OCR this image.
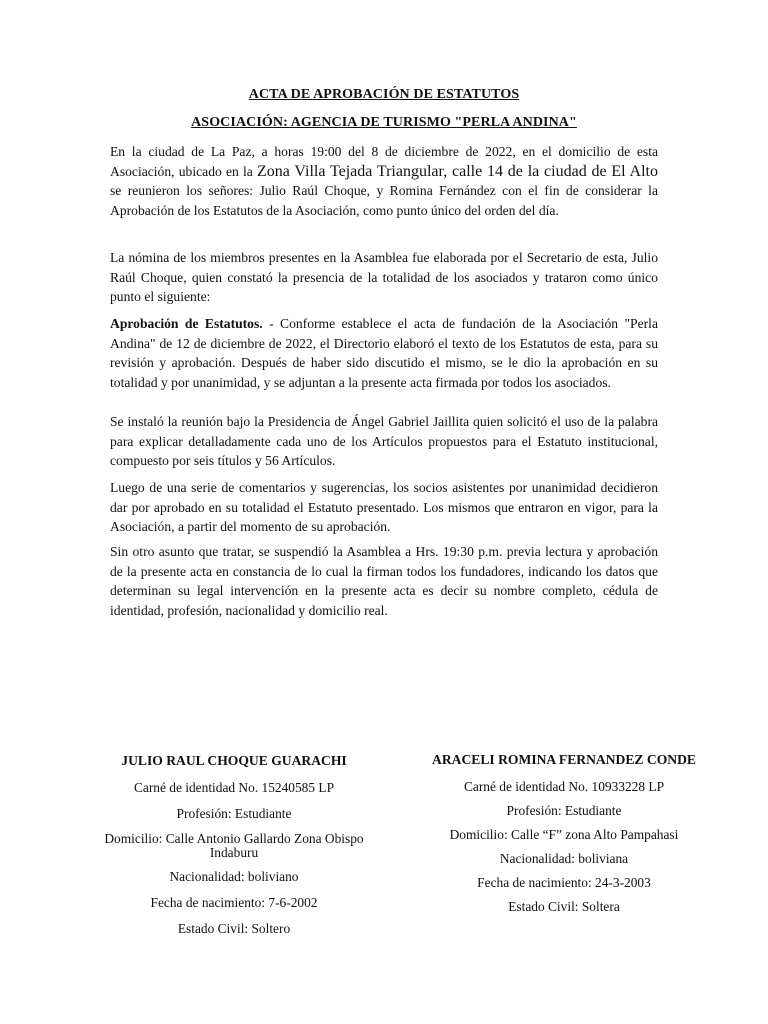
ACTA DE APROBACIÓN DE ESTATUTOS
ASOCIACIÓN: AGENCIA DE TURISMO "PERLA ANDINA"

En la ciudad de La Paz, a horas 19:00 del 8 de diciembre de 2022, en el domicilio de esta Asociación, ubicado en la Zona Villa Tejada Triangular, calle 14 de la ciudad de El Alto se reunieron los señores: Julio Raúl Choque, y Romina Fernández con el fin de considerar la Aprobación de los Estatutos de la Asociación, como punto único del orden del día.

La nómina de los miembros presentes en la Asamblea fue elaborada por el Secretario de esta, Julio Raúl Choque, quien constató la presencia de la totalidad de los asociados y trataron como único punto el siguiente:

Aprobación de Estatutos. - Conforme establece el acta de fundación de la Asociación "Perla Andina" de 12 de diciembre de 2022, el Directorio elaboró el texto de los Estatutos de esta, para su revisión y aprobación. Después de haber sido discutido el mismo, se le dio la aprobación en su totalidad y por unanimidad, y se adjuntan a la presente acta firmada por todos los asociados.

Se instaló la reunión bajo la Presidencia de Ángel Gabriel Jaillita quien solicitó el uso de la palabra para explicar detalladamente cada uno de los Artículos propuestos para el Estatuto institucional, compuesto por seis títulos y 56 Artículos.

Luego de una serie de comentarios y sugerencias, los socios asistentes por unanimidad decidieron dar por aprobado en su totalidad el Estatuto presentado. Los mismos que entraron en vigor, para la Asociación, a partir del momento de su aprobación.

Sin otro asunto que tratar, se suspendió la Asamblea a Hrs. 19:30 p.m. previa lectura y aprobación de la presente acta en constancia de lo cual la firman todos los fundadores, indicando los datos que determinan su legal intervención en la presente acta es decir su nombre completo, cédula de identidad, profesión, nacionalidad y domicilio real.

JULIO RAUL CHOQUE GUARACHI
Carné de identidad No. 15240585 LP
Profesión: Estudiante
Domicilio: Calle Antonio Gallardo Zona Obispo Indaburu
Nacionalidad: boliviano
Fecha de nacimiento: 7-6-2002
Estado Civil: Soltero
ARACELI ROMINA FERNANDEZ CONDE
Carné de identidad No. 10933228 LP
Profesión: Estudiante
Domicilio: Calle “F” zona Alto Pampahasi
Nacionalidad: boliviana
Fecha de nacimiento: 24-3-2003
Estado Civil: Soltera
